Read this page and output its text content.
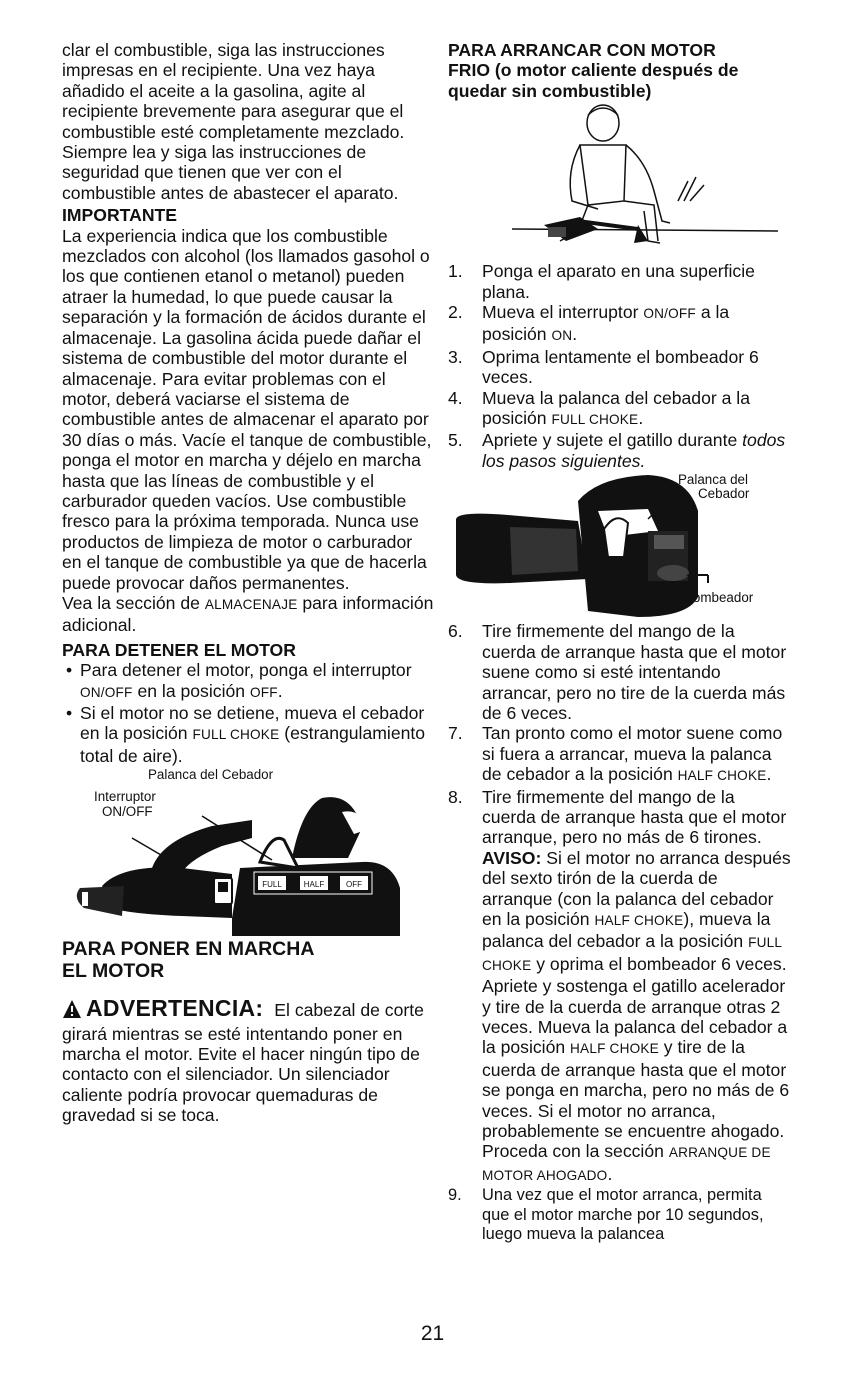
clar el combustible, siga las instrucciones impresas en el recipiente. Una vez haya añadido el aceite a la gasolina, agite al recipiente brevemente para asegurar que el combustible esté completamente mezclado. Siempre lea y siga las instrucciones de seguridad que tienen que ver con el combustible antes de abastecer el aparato.

IMPORTANTE

La experiencia indica que los combustible mezclados con alcohol (los llamados gasohol o los que contienen etanol o metanol) pueden atraer la humedad, lo que puede causar la separación y la formación de ácidos durante el almacenaje. La gasolina ácida puede dañar el sistema de combustible del motor durante el almacenaje. Para evitar problemas con el motor, deberá vaciarse el sistema de combustible antes de almacenar el aparato por 30 días o más. Vacíe el tanque de combustible, ponga el motor en marcha y déjelo en marcha hasta que las líneas de combustible y el carburador queden vacíos. Use combustible fresco para la próxima temporada. Nunca use productos de limpieza de motor o carburador en el tanque de combustible ya que de hacerla puede provocar daños permanentes.

Vea la sección de ALMACENAJE para información adicional.

PARA DETENER EL MOTOR
• Para detener el motor, ponga el interruptor ON/OFF en la posición OFF.
• Si el motor no se detiene, mueva el cebador en la posición FULL CHOKE (estrangulamiento total de aire).
FULL	HALF	OFF
Palanca del Cebador
Interruptor
ON/OFF
PARA PONER EN MARCHA
EL MOTOR

ADVERTENCIA: El cabezal de corte girará mientras se esté intentando poner en marcha el motor. Evite el hacer ningún tipo de contacto con el silenciador. Un silenciador caliente podría provocar quemaduras de gravedad si se toca.

PARA ARRANCAR CON MOTOR
FRIO (o motor caliente después de
quedar sin combustible)
1.	Ponga el aparato en una superficie plana.
2.	Mueva el interruptor ON/OFF a la posición ON.
3.	Oprima lentamente el bombeador 6 veces.
4.	Mueva la palanca del cebador a la posición FULL CHOKE.
5.	Apriete y sujete el gatillo durante todos los pasos siguientes.
Palanca del
Cebador
Bombeador
6.	Tire firmemente del mango de la cuerda de arranque hasta que el motor suene como si esté intentando arrancar, pero no tire de la cuerda más de 6 veces.
7.	Tan pronto como el motor suene como si fuera a arrancar, mueva la palanca de cebador a la posición HALF CHOKE.
8.	Tire firmemente del mango de la cuerda de arranque hasta que el motor arranque, pero no más de 6 tirones. AVISO: Si el motor no arranca después del sexto tirón de la cuerda de arranque (con la palanca del cebador en la posición HALF CHOKE), mueva la palanca del cebador a la posición FULL CHOKE y oprima el bombeador 6 veces. Apriete y sostenga el gatillo acelerador y tire de la cuerda de arranque otras 2 veces. Mueva la palanca del cebador a la posición HALF CHOKE y tire de la cuerda de arranque hasta que el motor se ponga en marcha, pero no más de 6 veces. Si el motor no arranca, probablemente se encuentre ahogado. Proceda con la sección ARRANQUE DE MOTOR AHOGADO.
9.	Una vez que el motor arranca, permita que el motor marche por 10 segundos, luego mueva la palancea
21
